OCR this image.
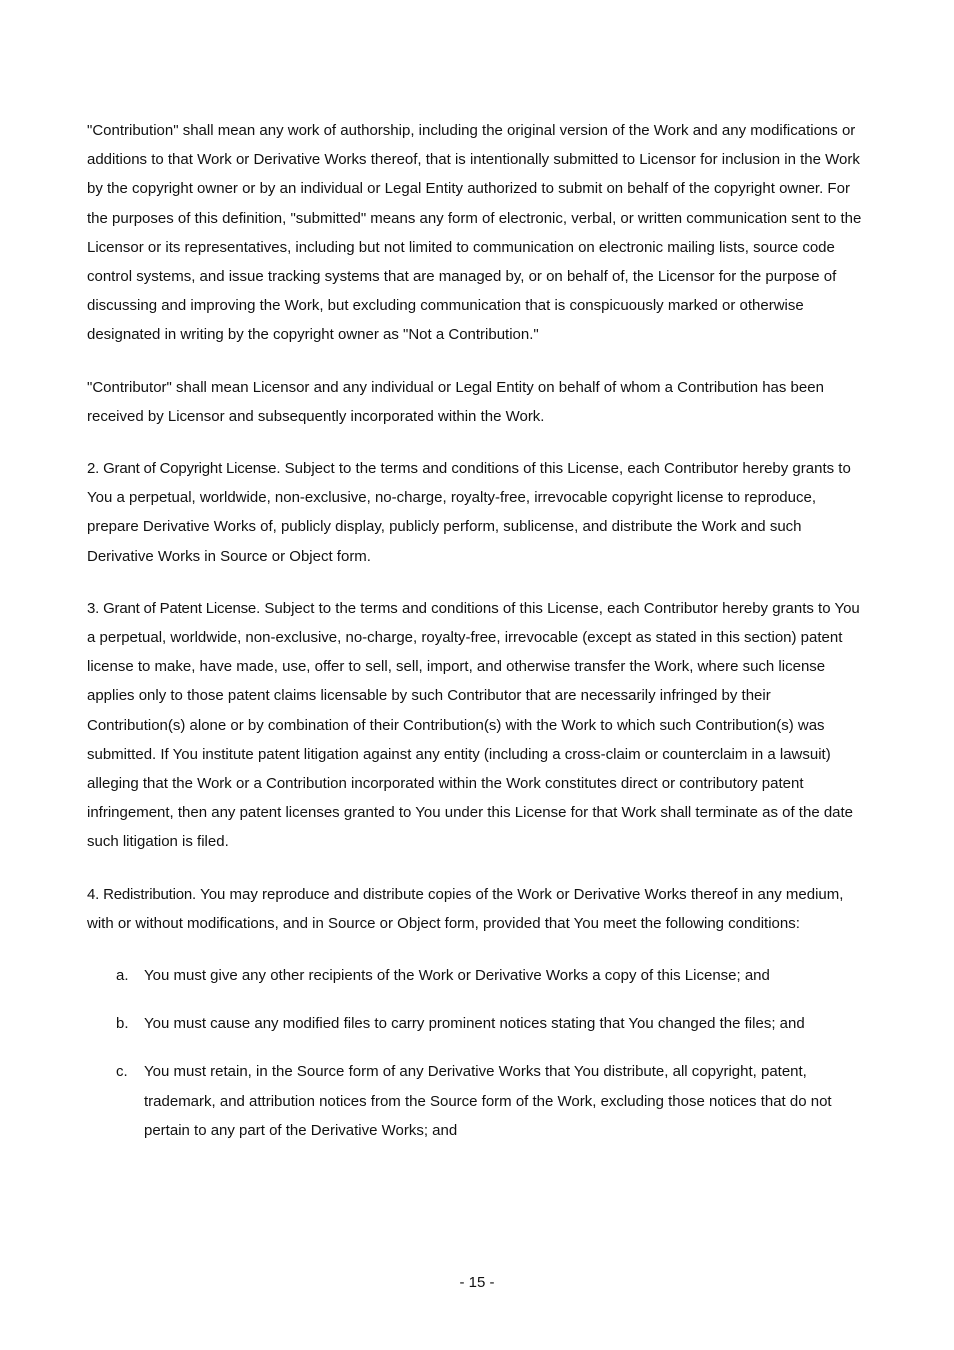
"Contribution" shall mean any work of authorship, including the original version of the Work and any modifications or additions to that Work or Derivative Works thereof, that is intentionally submitted to Licensor for inclusion in the Work by the copyright owner or by an individual or Legal Entity authorized to submit on behalf of the copyright owner. For the purposes of this definition, "submitted" means any form of electronic, verbal, or written communication sent to the Licensor or its representatives, including but not limited to communication on electronic mailing lists, source code control systems, and issue tracking systems that are managed by, or on behalf of, the Licensor for the purpose of discussing and improving the Work, but excluding communication that is conspicuously marked or otherwise designated in writing by the copyright owner as "Not a Contribution."

"Contributor" shall mean Licensor and any individual or Legal Entity on behalf of whom a Contribution has been received by Licensor and subsequently incorporated within the Work.

2. Grant of Copyright License. Subject to the terms and conditions of this License, each Contributor hereby grants to You a perpetual, worldwide, non-exclusive, no-charge, royalty-free, irrevocable copyright license to reproduce, prepare Derivative Works of, publicly display, publicly perform, sublicense, and distribute the Work and such Derivative Works in Source or Object form.

3. Grant of Patent License. Subject to the terms and conditions of this License, each Contributor hereby grants to You a perpetual, worldwide, non-exclusive, no-charge, royalty-free, irrevocable (except as stated in this section) patent license to make, have made, use, offer to sell, sell, import, and otherwise transfer the Work, where such license applies only to those patent claims licensable by such Contributor that are necessarily infringed by their Contribution(s) alone or by combination of their Contribution(s) with the Work to which such Contribution(s) was submitted. If You institute patent litigation against any entity (including a cross-claim or counterclaim in a lawsuit) alleging that the Work or a Contribution incorporated within the Work constitutes direct or contributory patent infringement, then any patent licenses granted to You under this License for that Work shall terminate as of the date such litigation is filed.

4. Redistribution. You may reproduce and distribute copies of the Work or Derivative Works thereof in any medium, with or without modifications, and in Source or Object form, provided that You meet the following conditions:

a. You must give any other recipients of the Work or Derivative Works a copy of this License; and
b. You must cause any modified files to carry prominent notices stating that You changed the files; and
c. You must retain, in the Source form of any Derivative Works that You distribute, all copyright, patent, trademark, and attribution notices from the Source form of the Work, excluding those notices that do not pertain to any part of the Derivative Works; and
- 15 -
